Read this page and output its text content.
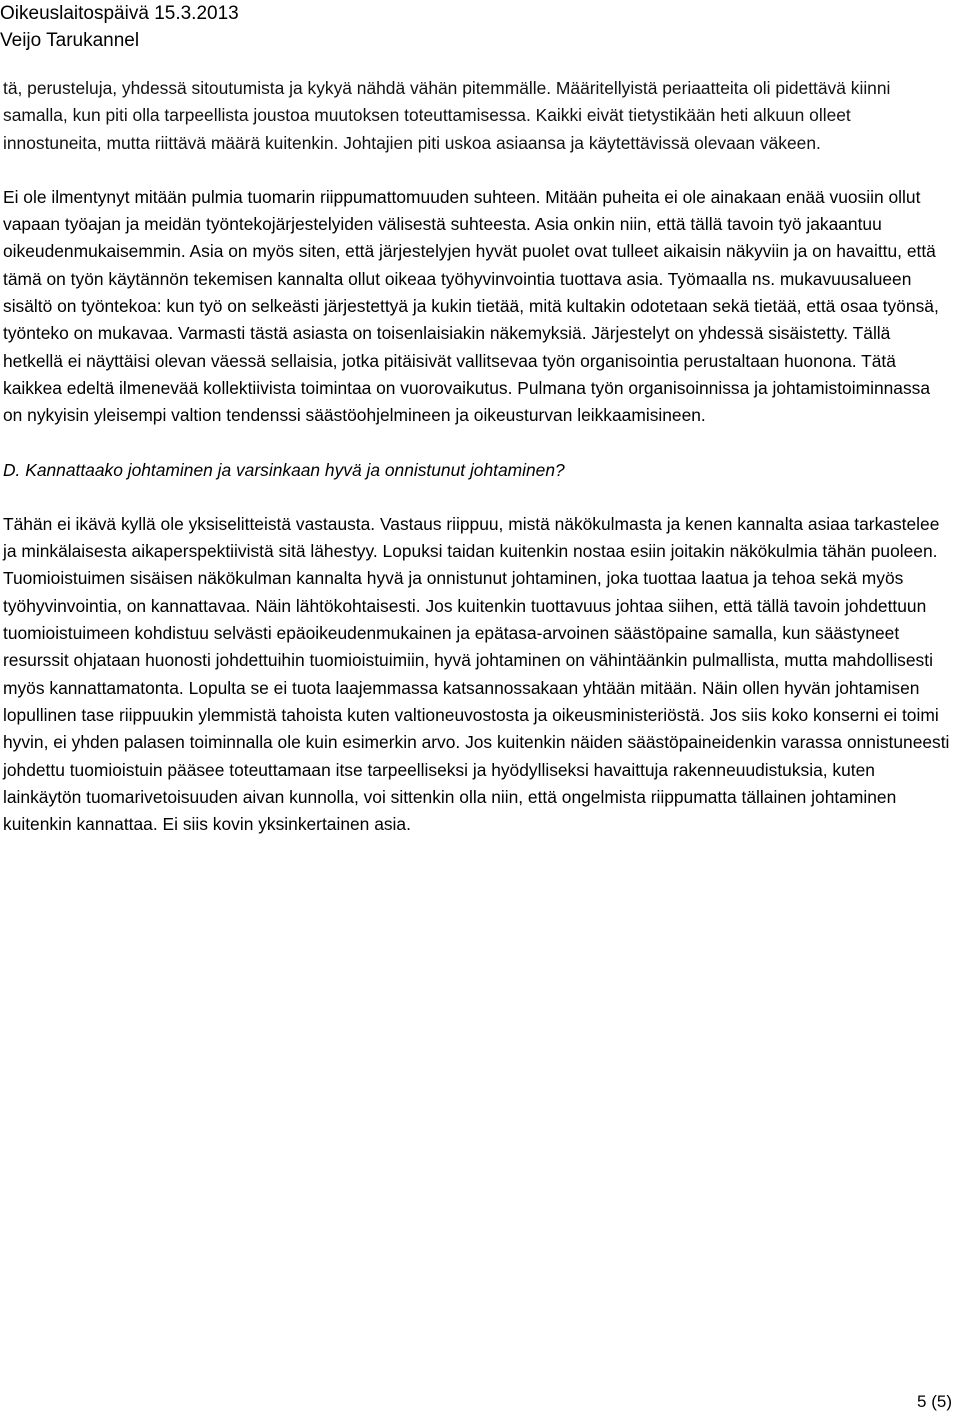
Oikeuslaitospäivä 15.3.2013
Veijo Tarukannel

tä, perusteluja, yhdessä sitoutumista ja kykyä nähdä vähän pitemmälle. Määritellyistä periaatteita oli pidettävä kiinni samalla, kun piti olla tarpeellista joustoa muutoksen toteuttamisessa. Kaikki eivät tietystikään heti alkuun olleet innostuneita, mutta riittävä määrä kuitenkin. Johtajien piti uskoa asiaansa ja käytettävissä olevaan väkeen.

Ei ole ilmentynyt mitään pulmia tuomarin riippumattomuuden suhteen. Mitään puheita ei ole ainakaan enää vuosiin ollut vapaan työajan ja meidän työntekojärjestelyiden välisestä suhteesta. Asia onkin niin, että tällä tavoin työ jakaantuu oikeudenmukaisemmin. Asia on myös siten, että järjestelyjen hyvät puolet ovat tulleet aikaisin näkyviin ja on havaittu, että tämä on työn käytännön tekemisen kannalta ollut oikeaa työhyvinvointia tuottava asia. Työmaalla ns. mukavuusalueen sisältö on työntekoa: kun työ on selkeästi järjestettyä ja kukin tietää, mitä kultakin odotetaan sekä tietää, että osaa työnsä, työnteko on mukavaa. Varmasti tästä asiasta on toisenlaisiakin näkemyksiä. Järjestelyt on yhdessä sisäistetty. Tällä hetkellä ei näyttäisi olevan väessä sellaisia, jotka pitäisivät vallitsevaa työn organisointia perustaltaan huonona. Tätä kaikkea edeltä ilmenevää kollektiivista toimintaa on vuorovaikutus. Pulmana työn organisoinnissa ja johtamistoiminnassa on nykyisin yleisempi valtion tendenssi säästöohjelmineen ja oikeusturvan leikkaamisineen.

D. Kannattaako johtaminen ja varsinkaan hyvä ja onnistunut johtaminen?

Tähän ei ikävä kyllä ole yksiselitteistä vastausta. Vastaus riippuu, mistä näkökulmasta ja kenen kannalta asiaa tarkastelee ja minkälaisesta aikaperspektiivistä sitä lähestyy. Lopuksi taidan kuitenkin nostaa esiin joitakin näkökulmia tähän puoleen. Tuomioistuimen sisäisen näkökulman kannalta hyvä ja onnistunut johtaminen, joka tuottaa laatua ja tehoa sekä myös työhyvinvointia, on kannattavaa. Näin lähtökohtaisesti. Jos kuitenkin tuottavuus johtaa siihen, että tällä tavoin johdettuun tuomioistuimeen kohdistuu selvästi epäoikeudenmukainen ja epätasa-arvoinen säästöpaine samalla, kun säästyneet resurssit ohjataan huonosti johdettuihin tuomioistuimiin, hyvä johtaminen on vähintäänkin pulmallista, mutta mahdollisesti myös kannattamatonta. Lopulta se ei tuota laajemmassa katsannossakaan yhtään mitään. Näin ollen hyvän johtamisen lopullinen tase riippuukin ylemmistä tahoista kuten valtioneuvostosta ja oikeusministeriöstä. Jos siis koko konserni ei toimi hyvin, ei yhden palasen toiminnalla ole kuin esimerkin arvo. Jos kuitenkin näiden säästöpaineidenkin varassa onnistuneesti johdettu tuomioistuin pääsee toteuttamaan itse tarpeelliseksi ja hyödylliseksi havaittuja rakenneuudistuksia, kuten lainkäytön tuomarivetoisuuden aivan kunnolla, voi sittenkin olla niin, että ongelmista riippumatta tällainen johtaminen kuitenkin kannattaa. Ei siis kovin yksinkertainen asia.

5 (5)
